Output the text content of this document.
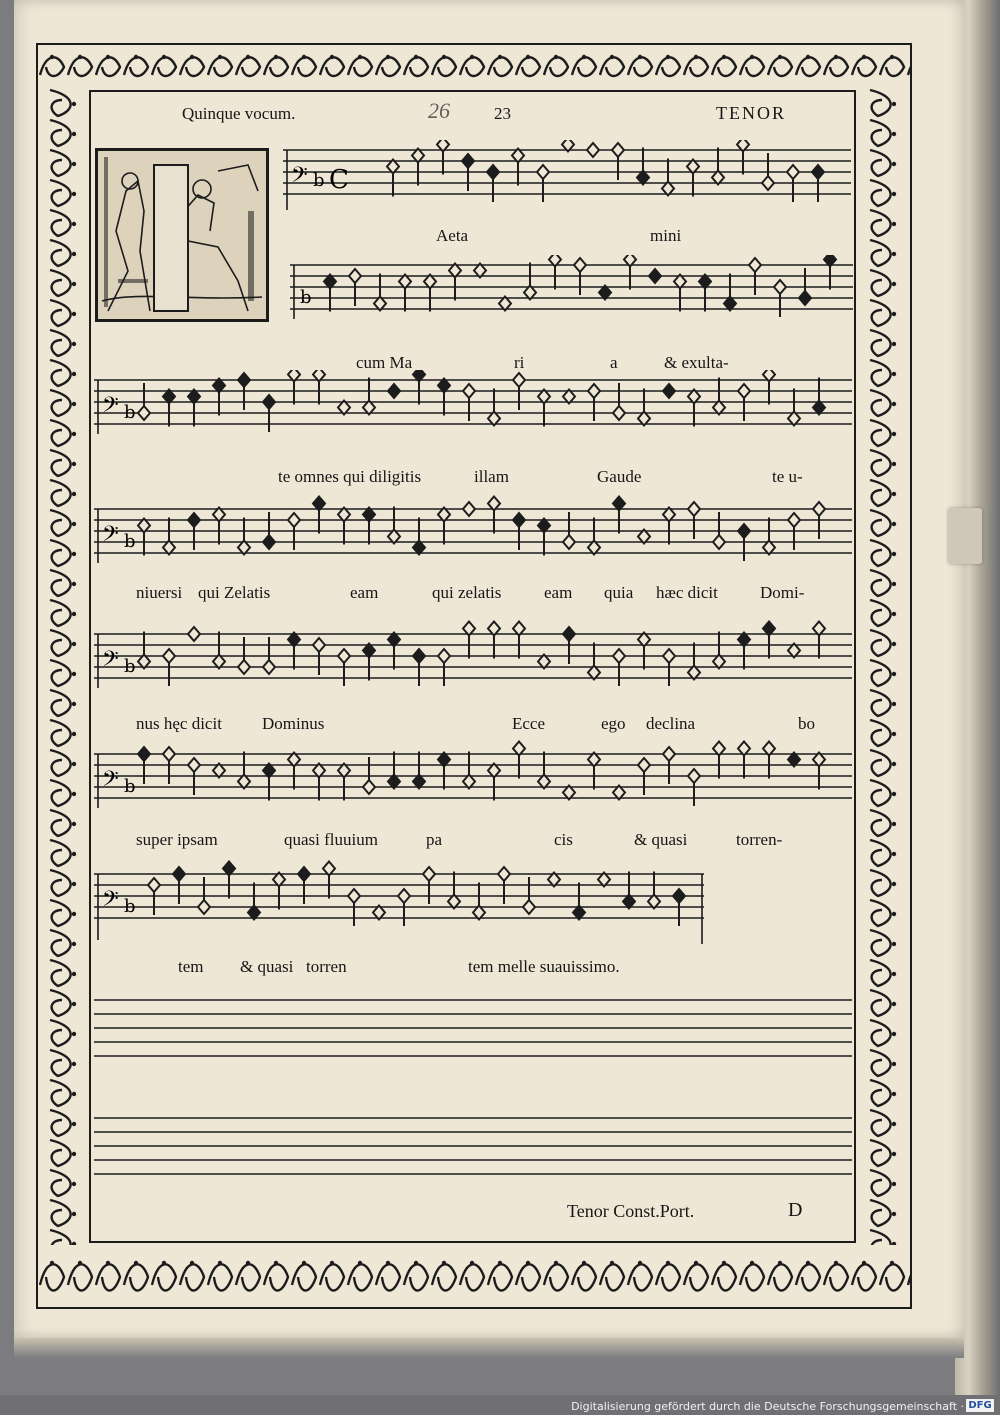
Quinque vocum.	26	23	TENOR
𝄢 b C
b
𝄢 b
𝄢 b
𝄢 b
𝄢 b
𝄢 b
Aeta	mini
cum Ma	ri	a	& exulta-
te omnes qui diligitis	illam	Gaude	te u-
niuersi qui Zelatis	eam	qui zelatis	eam quia hæc dicit Domi-
nus hęc dicit Dominus	Ecce	ego declina	bo
super ipsam	quasi fluuium	pa	cis	& quasi	torren-
tem & quasi torren	tem melle suauissimo.
Tenor Const.Port.	D
Digitalisierung gefördert durch die Deutsche Forschungsgemeinschaft · DFG
